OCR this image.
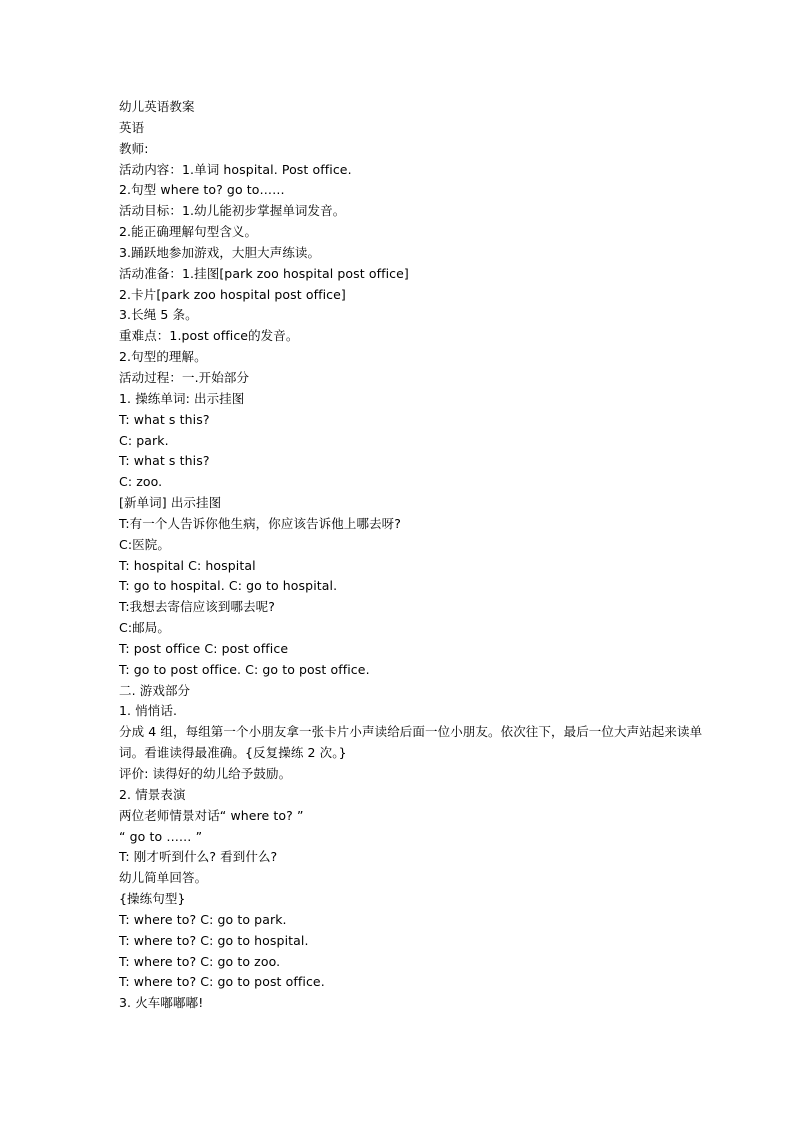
幼儿英语教案
英语
教师:
活动内容：1.单词 hospital. Post office.
2.句型 where to? go to……
活动目标：1.幼儿能初步掌握单词发音。
2.能正确理解句型含义。
3.踊跃地参加游戏，大胆大声练读。
活动准备：1.挂图[park zoo hospital post office]
2.卡片[park zoo hospital post office]
3.长绳 5 条。
重难点：1.post office的发音。
2.句型的理解。
活动过程：一.开始部分
1. 操练单词: 出示挂图
T: what s this?
C: park.
T: what s this?
C: zoo.
[新单词] 出示挂图
T:有一个人告诉你他生病，你应该告诉他上哪去呀?
C:医院。
T: hospital C: hospital
T: go to hospital. C: go to hospital.
T:我想去寄信应该到哪去呢?
C:邮局。
T: post office C: post office
T: go to post office. C: go to post office.
二. 游戏部分
1. 悄悄话.
分成 4 组，每组第一个小朋友拿一张卡片小声读给后面一位小朋友。依次往下，最后一位大声站起来读单
词。看谁读得最准确。{反复操练 2 次。}
评价: 读得好的幼儿给予鼓励。
2. 情景表演
两位老师情景对话“ where to? ”
“ go to …… ”
T: 刚才听到什么? 看到什么?
幼儿简单回答。
{操练句型}
T: where to? C: go to park.
T: where to? C: go to hospital.
T: where to? C: go to zoo.
T: where to? C: go to post office.
3. 火车嘟嘟嘟!
